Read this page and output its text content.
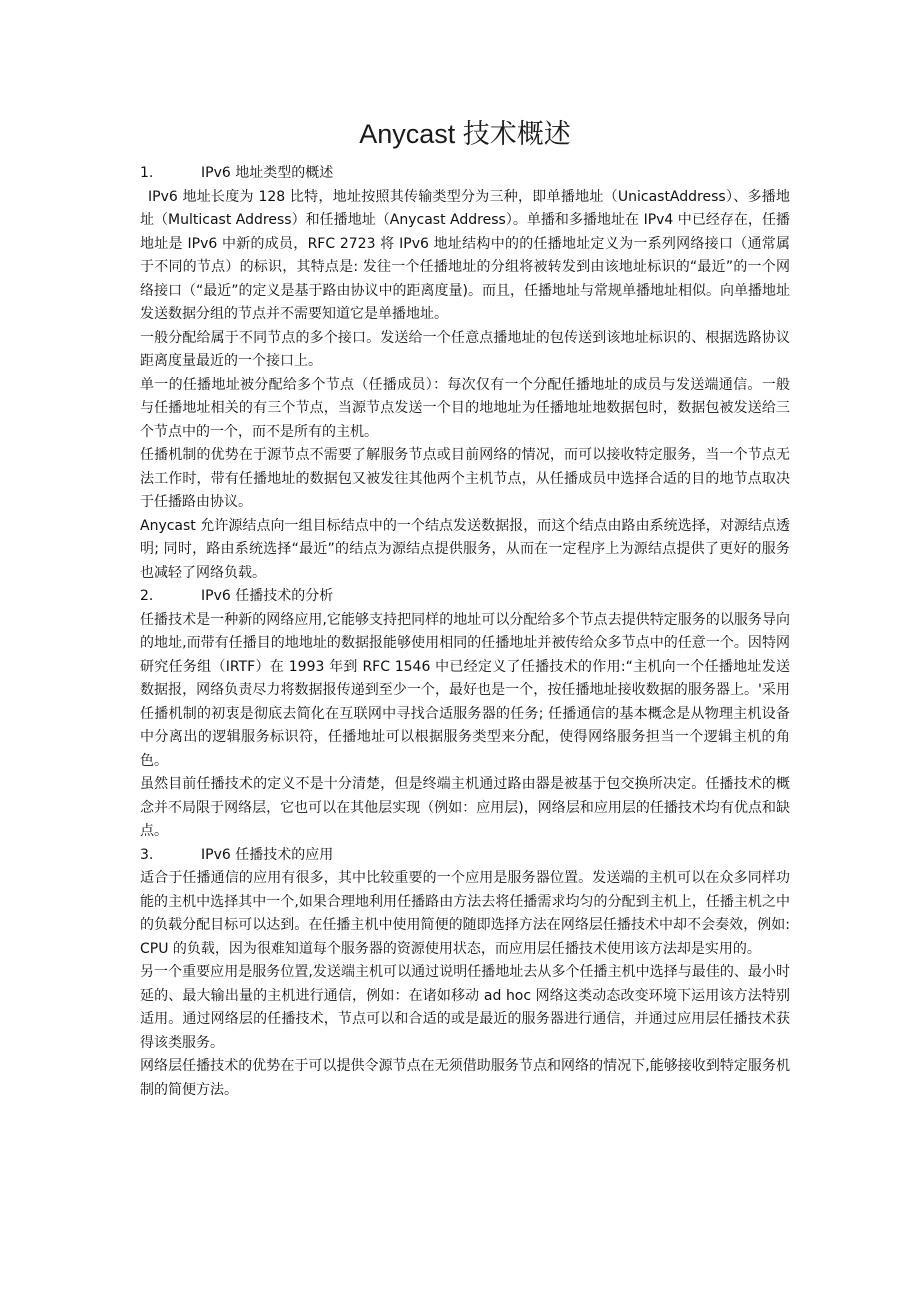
Anycast 技术概述
1.	IPv6 地址类型的概述

IPv6 地址长度为 128 比特，地址按照其传输类型分为三种，即单播地址（UnicastAddress）、多播地址（Multicast Address）和任播地址（Anycast Address）。单播和多播地址在 IPv4 中已经存在，任播地址是 IPv6 中新的成员，RFC 2723 将 IPv6 地址结构中的的任播地址定义为一系列网络接口（通常属于不同的节点）的标识，其特点是: 发往一个任播地址的分组将被转发到由该地址标识的“最近”的一个网络接口（“最近”的定义是基于路由协议中的距离度量)。而且，任播地址与常规单播地址相似。向单播地址发送数据分组的节点并不需要知道它是单播地址。

一般分配给属于不同节点的多个接口。发送给一个任意点播地址的包传送到该地址标识的、根据选路协议距离度量最近的一个接口上。

单一的任播地址被分配给多个节点（任播成员）：每次仅有一个分配任播地址的成员与发送端通信。一般与任播地址相关的有三个节点，当源节点发送一个目的地地址为任播地址地数据包时，数据包被发送给三个节点中的一个，而不是所有的主机。

任播机制的优势在于源节点不需要了解服务节点或目前网络的情况，而可以接收特定服务，当一个节点无法工作时，带有任播地址的数据包又被发往其他两个主机节点，从任播成员中选择合适的目的地节点取决于任播路由协议。

Anycast 允许源结点向一组目标结点中的一个结点发送数据报，而这个结点由路由系统选择，对源结点透明; 同时，路由系统选择“最近”的结点为源结点提供服务，从而在一定程序上为源结点提供了更好的服务也减轻了网络负载。

2.	IPv6 任播技术的分析

任播技术是一种新的网络应用,它能够支持把同样的地址可以分配给多个节点去提供特定服务的以服务导向的地址,而带有任播目的地地址的数据报能够使用相同的任播地址并被传给众多节点中的任意一个。因特网研究任务组（IRTF）在 1993 年到 RFC 1546 中已经定义了任播技术的作用:“主机向一个任播地址发送数据报，网络负责尽力将数据报传递到至少一个，最好也是一个，按任播地址接收数据的服务器上。'采用任播机制的初衷是彻底去简化在互联网中寻找合适服务器的任务; 任播通信的基本概念是从物理主机设备中分离出的逻辑服务标识符，任播地址可以根据服务类型来分配，使得网络服务担当一个逻辑主机的角色。

虽然目前任播技术的定义不是十分清楚，但是终端主机通过路由器是被基于包交换所决定。任播技术的概念并不局限于网络层，它也可以在其他层实现（例如：应用层)，网络层和应用层的任播技术均有优点和缺点。

3.	IPv6 任播技术的应用

适合于任播通信的应用有很多，其中比较重要的一个应用是服务器位置。发送端的主机可以在众多同样功能的主机中选择其中一个,如果合理地利用任播路由方法去将任播需求均匀的分配到主机上，任播主机之中的负载分配目标可以达到。在任播主机中使用简便的随即选择方法在网络层任播技术中却不会奏效，例如: CPU 的负载，因为很难知道每个服务器的资源使用状态，而应用层任播技术使用该方法却是实用的。

另一个重要应用是服务位置,发送端主机可以通过说明任播地址去从多个任播主机中选择与最佳的、最小时延的、最大输出量的主机进行通信，例如：在诸如移动 ad hoc 网络这类动态改变环境下运用该方法特别适用。通过网络层的任播技术，节点可以和合适的或是最近的服务器进行通信，并通过应用层任播技术获得该类服务。

网络层任播技术的优势在于可以提供令源节点在无须借助服务节点和网络的情况下,能够接收到特定服务机制的简便方法。
